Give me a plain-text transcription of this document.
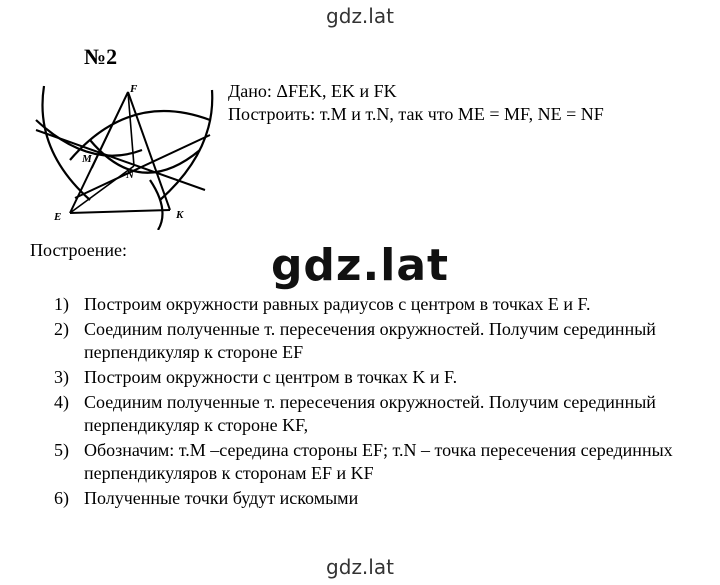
gdz.lat
№2
F
M
N
E	K
Дано: ΔFEK, EK и FK
Построить: т.M и т.N, так что ME = MF, NE = NF
Построение:	gdz.lat
1) Построим окружности равных радиусов с центром в точках E и F.
2) Соединим полученные т. пересечения окружностей. Получим серединный перпендикуляр к стороне EF
3) Построим окружности с центром в точках K и F.
4) Соединим полученные т. пересечения окружностей. Получим серединный перпендикуляр к стороне KF,
5) Обозначим: т.M –середина стороны EF; т.N – точка пересечения серединных перпендикуляров к сторонам EF и KF
6) Полученные точки будут искомыми
gdz.lat
